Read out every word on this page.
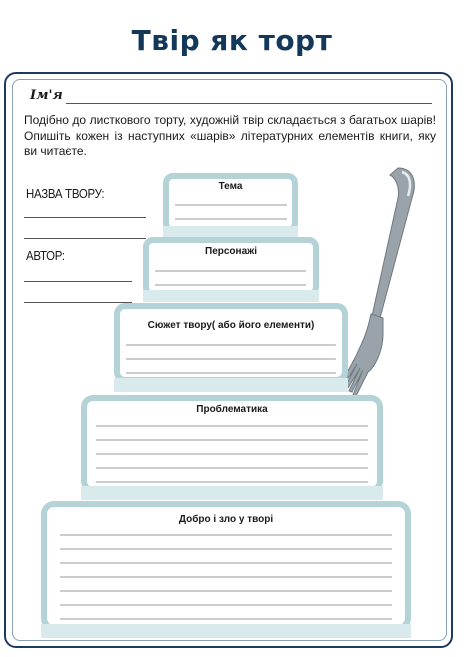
Твір як торт
Ім'я
Подібно до листкового торту, художній твір складається з багатьох шарів! Опишіть кожен із наступних «шарів» літературних елементів книги, яку ви читаєте.
НАЗВА ТВОРУ:
АВТОР:
Тема
Персонажі
Сюжет твору( або його елементи)
Проблематика
Добро і зло у творі
